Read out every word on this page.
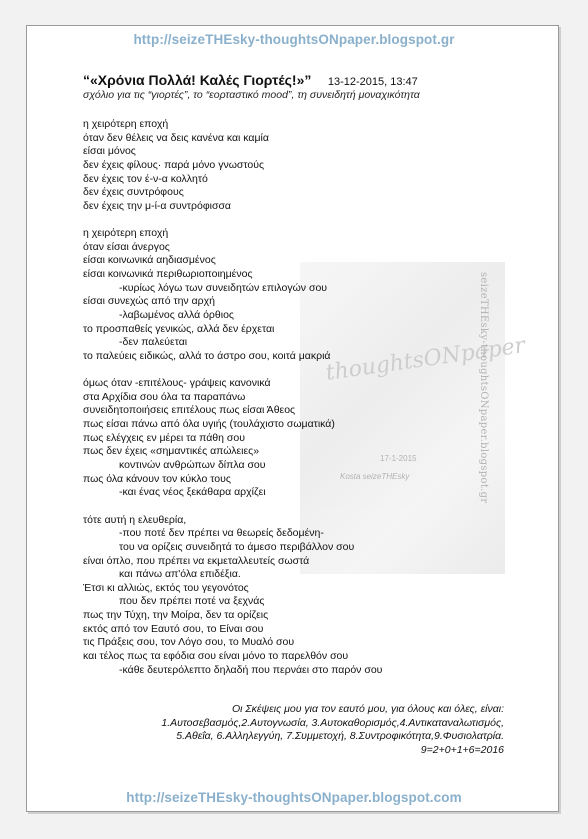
http://seizeTHEsky-thoughtsONpaper.blogspot.gr
“«Χρόνια Πολλά! Καλές Γιορτές!»” 13-12-2015, 13:47
σχόλιο για τις “γιορτές”, το “εορταστικό mood”, τη συνειδητή μοναχικότητα
thoughtsONpaper
seizeTHEsky-thoughtsONpaper.blogspot.gr
17-1-2015
Kosta seizeTHEsky
η χειρότερη εποχή
όταν δεν θέλεις να δεις κανένα και καμία
είσαι μόνος
δεν έχεις φίλους· παρά μόνο γνωστούς
δεν έχεις τον έ-ν-α κολλητό
δεν έχεις συντρόφους
δεν έχεις την μ-ί-α συντρόφισσα
η χειρότερη εποχή
όταν είσαι άνεργος
είσαι κοινωνικά αηδιασμένος
είσαι κοινωνικά περιθωριοποιημένος
-κυρίως λόγω των συνειδητών επιλογών σου
είσαι συνεχώς από την αρχή
-λαβωμένος αλλά όρθιος
το προσπαθείς γενικώς, αλλά δεν έρχεται
-δεν παλεύεται
το παλεύεις ειδικώς, αλλά το άστρο σου, κοιτά μακριά
όμως όταν -επιτέλους- γράψεις κανονικά
στα Αρχίδια σου όλα τα παραπάνω
συνειδητοποιήσεις επιτέλους πως είσαι Άθεος
πως είσαι πάνω από όλα υγιής (τουλάχιστο σωματικά)
πως ελέγχεις εν μέρει τα πάθη σου
πως δεν έχεις «σημαντικές απώλειες»
κοντινών ανθρώπων δίπλα σου
πως όλα κάνουν τον κύκλο τους
-και ένας νέος ξεκάθαρα αρχίζει
τότε αυτή η ελευθερία,
-που ποτέ δεν πρέπει να θεωρείς δεδομένη-
του να ορίζεις συνειδητά το άμεσο περιβάλλον σου
είναι όπλο, που πρέπει να εκμεταλλευτείς σωστά
και πάνω απ'όλα επιδέξια.
Έτσι κι αλλιώς, εκτός του γεγονότος
που δεν πρέπει ποτέ να ξεχνάς
πως την Τύχη, την Μοίρα, δεν τα ορίζεις
εκτός από τον Εαυτό σου, το Είναι σου
τις Πράξεις σου, τον Λόγο σου, το Μυαλό σου
και τέλος πως τα εφόδια σου είναι μόνο το παρελθόν σου
-κάθε δευτερόλεπτο δηλαδή που περνάει στο παρόν σου
Οι Σκέψεις μου για τον εαυτό μου, για όλους και όλες, είναι:
1.Αυτοσεβασμός,2.Αυτογνωσία, 3.Αυτοκαθορισμός,4.Αντικαταναλωτισμός,
5.Αθεΐα, 6.Αλληλεγγύη, 7.Συμμετοχή, 8.Συντροφικότητα,9.Φυσιολατρία.
9=2+0+1+6=2016
http://seizeTHEsky-thoughtsONpaper.blogspot.com
